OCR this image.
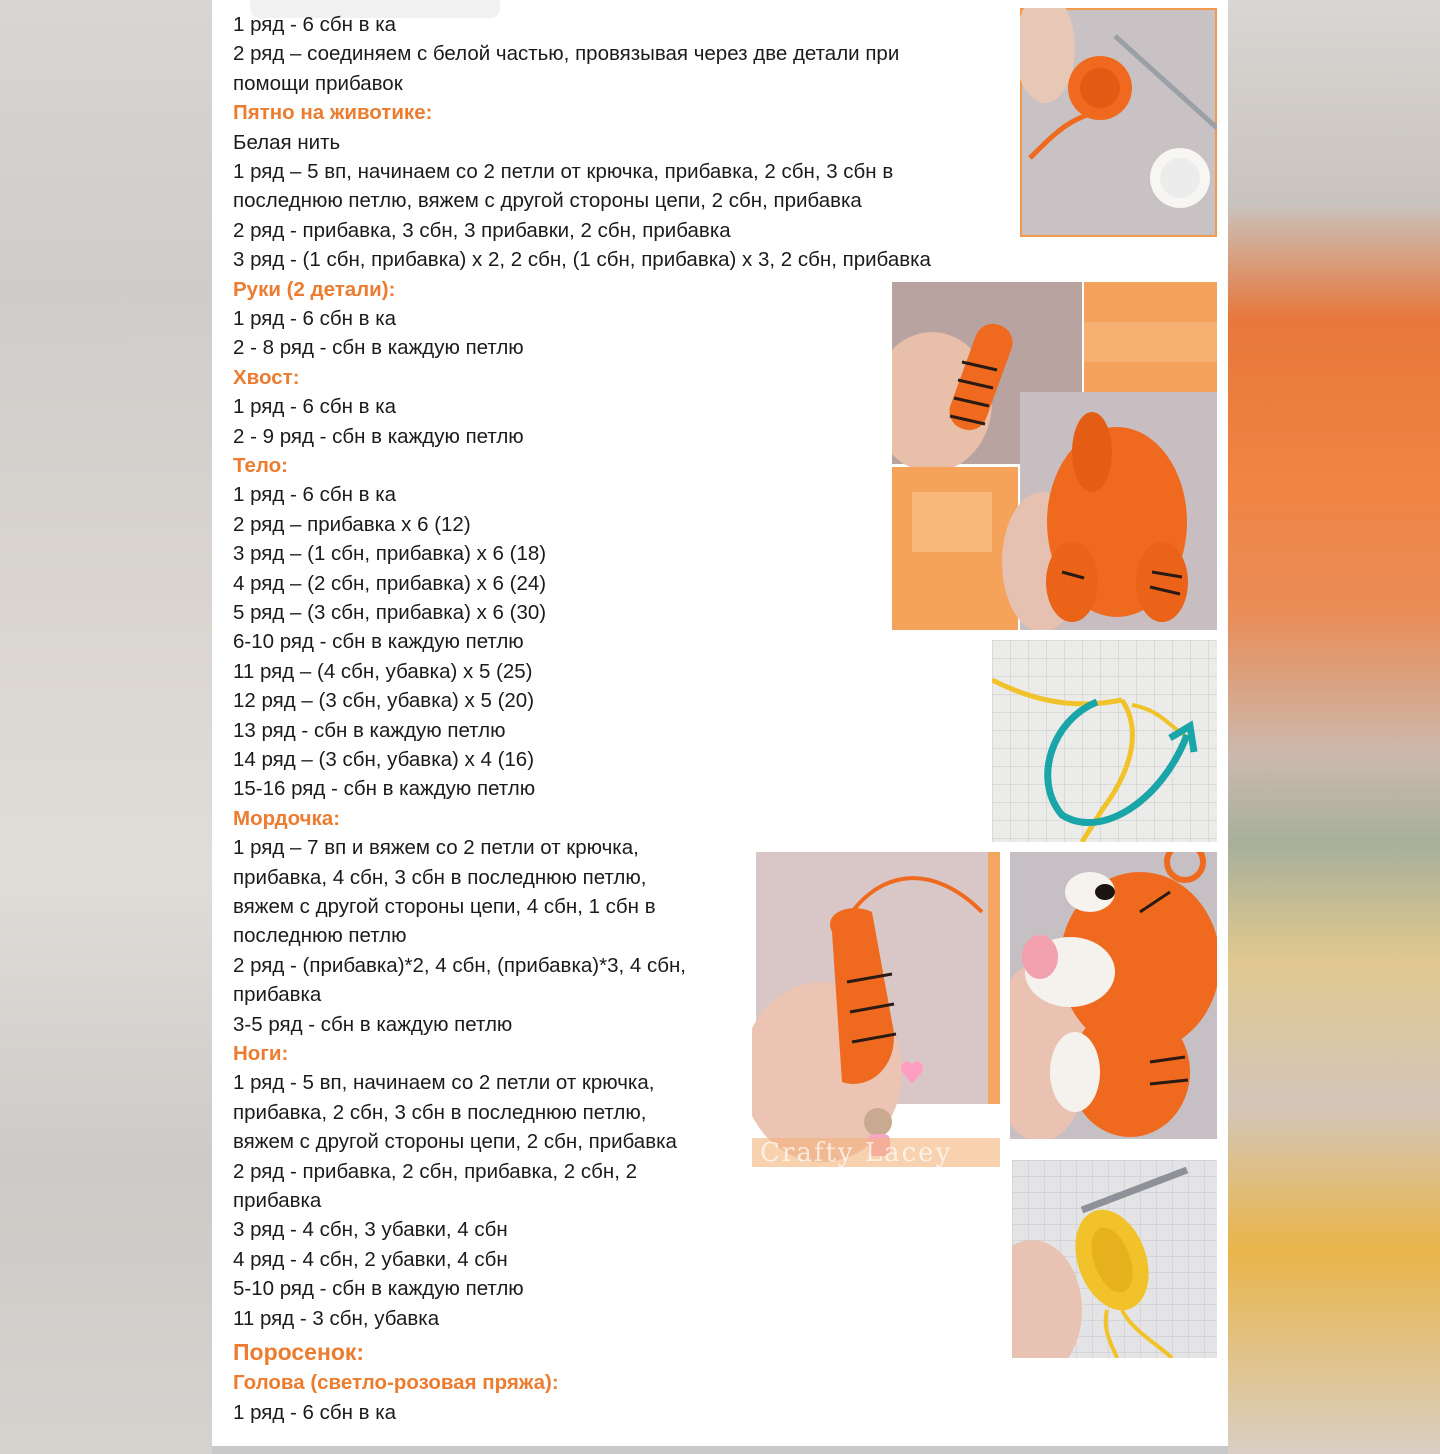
1 ряд - 6 сбн в ка
2 ряд – соединяем с белой частью, провязывая через две детали при
помощи прибавок
Пятно на животике:
Белая нить
1 ряд – 5 вп, начинаем со 2 петли от крючка, прибавка, 2 сбн, 3 сбн в
последнюю петлю, вяжем с другой стороны цепи, 2 сбн, прибавка
2 ряд - прибавка, 3 сбн, 3 прибавки, 2 сбн, прибавка
3 ряд - (1 сбн, прибавка) х 2, 2 сбн, (1 сбн, прибавка) х 3, 2 сбн, прибавка
Руки (2 детали):
1 ряд - 6 сбн в ка
2 - 8 ряд - сбн в каждую петлю
Хвост:
1 ряд - 6 сбн в ка
2 - 9 ряд - сбн в каждую петлю
Тело:
1 ряд - 6 сбн в ка
2 ряд – прибавка х 6 (12)
3 ряд – (1 сбн, прибавка) х 6 (18)
4 ряд – (2 сбн, прибавка) х 6 (24)
5 ряд – (3 сбн, прибавка) х 6 (30)
6-10 ряд - сбн в каждую петлю
11 ряд – (4 сбн, убавка) х 5 (25)
12 ряд – (3 сбн, убавка) х 5 (20)
13 ряд - сбн в каждую петлю
14 ряд – (3 сбн, убавка) х 4 (16)
15-16 ряд - сбн в каждую петлю
Мордочка:
1 ряд – 7 вп и вяжем со 2 петли от крючка,
прибавка, 4 сбн, 3 сбн в последнюю петлю,
вяжем с другой стороны цепи, 4 сбн, 1 сбн в
последнюю петлю
2 ряд - (прибавка)*2, 4 сбн, (прибавка)*3, 4 сбн,
прибавка
3-5 ряд - сбн в каждую петлю
Ноги:
1 ряд - 5 вп, начинаем со 2 петли от крючка,
прибавка, 2 сбн, 3 сбн в последнюю петлю,
вяжем с другой стороны цепи, 2 сбн, прибавка
2 ряд - прибавка, 2 сбн, прибавка, 2 сбн, 2
прибавка
3 ряд - 4 сбн, 3 убавки, 4 сбн
4 ряд - 4 сбн, 2 убавки, 4 сбн
5-10 ряд - сбн в каждую петлю
11 ряд - 3 сбн, убавка
Поросенок:
Голова (светло-розовая пряжа):
1 ряд - 6 сбн в ка
Crafty Lacey
